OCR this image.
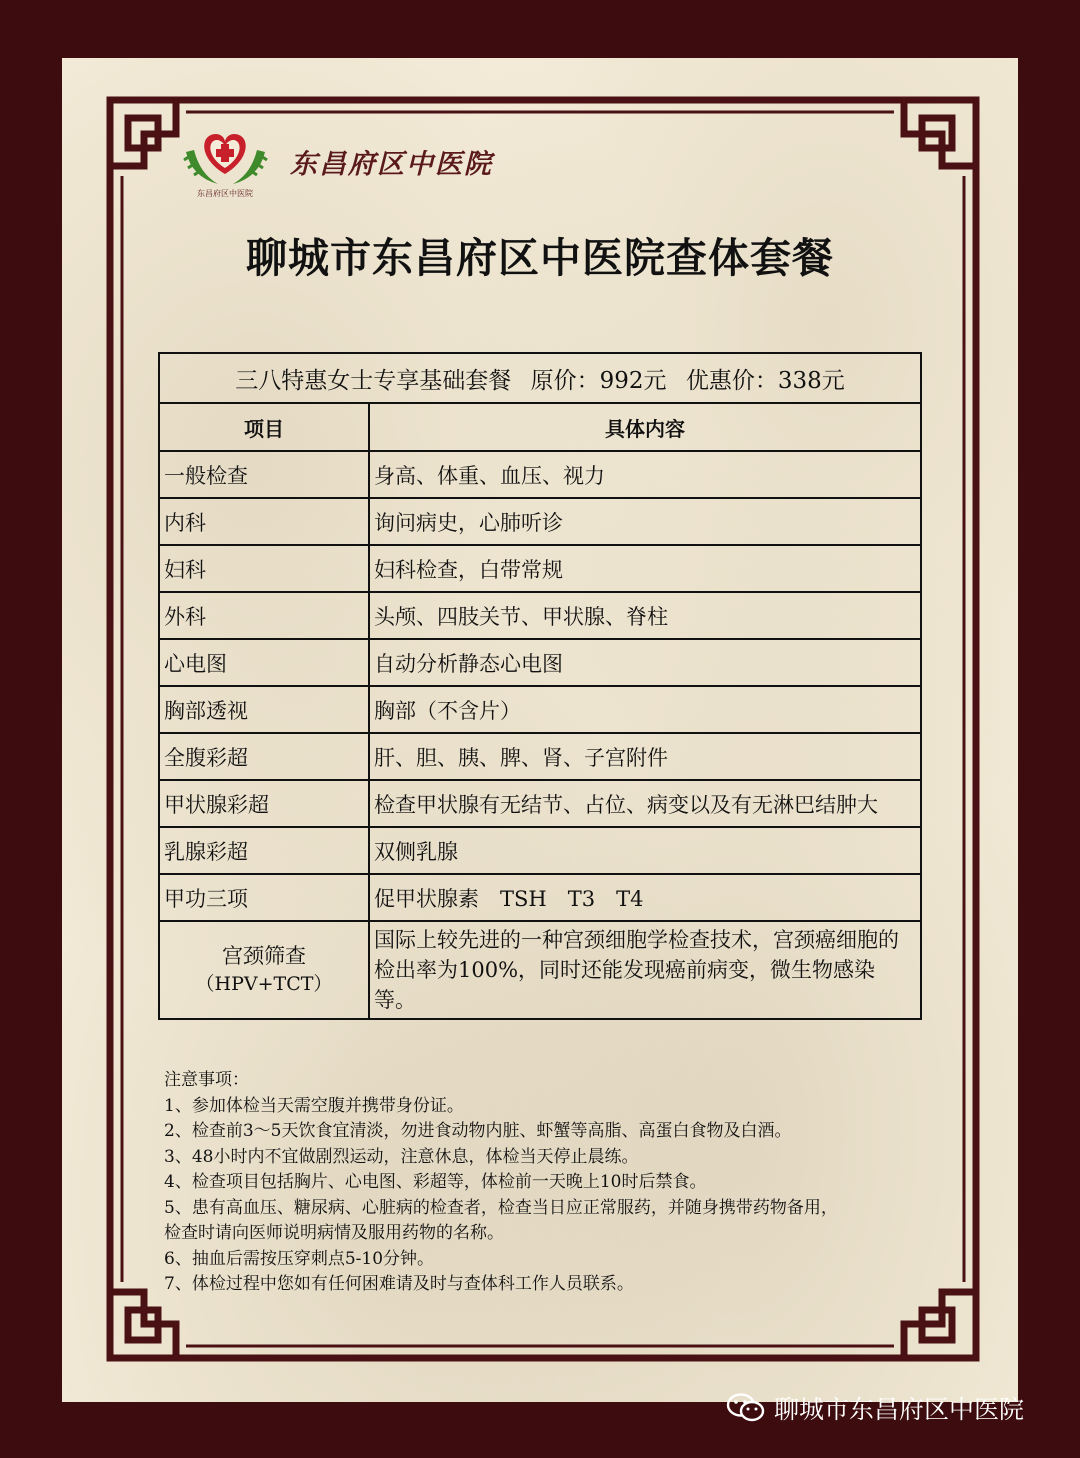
东昌府区中医院
东昌府区中医院
聊城市东昌府区中医院查体套餐
三八特惠女士专享基础套餐 原价：992元 优惠价：338元	
项目	具体内容
一般检查	身高、体重、血压、视力
内科	询问病史，心肺听诊
妇科	妇科检查，白带常规
外科	头颅、四肢关节、甲状腺、脊柱
心电图	自动分析静态心电图
胸部透视	胸部（不含片）
全腹彩超	肝、胆、胰、脾、肾、子宫附件
甲状腺彩超	检查甲状腺有无结节、占位、病变以及有无淋巴结肿大
乳腺彩超	双侧乳腺
甲功三项	促甲状腺素　TSH　T3　T4

宫颈筛查
（HPV+TCT）	国际上较先进的一种宫颈细胞学检查技术，宫颈癌细胞的检出率为100%，同时还能发现癌前病变，微生物感染等。
注意事项：
1、参加体检当天需空腹并携带身份证。
2、检查前3～5天饮食宜清淡，勿进食动物内脏、虾蟹等高脂、高蛋白食物及白酒。
3、48小时内不宜做剧烈运动，注意休息，体检当天停止晨练。
4、检查项目包括胸片、心电图、彩超等，体检前一天晚上10时后禁食。
5、患有高血压、糖尿病、心脏病的检查者，检查当日应正常服药，并随身携带药物备用，
检查时请向医师说明病情及服用药物的名称。
6、抽血后需按压穿刺点5-10分钟。
7、体检过程中您如有任何困难请及时与查体科工作人员联系。
聊城市东昌府区中医院
